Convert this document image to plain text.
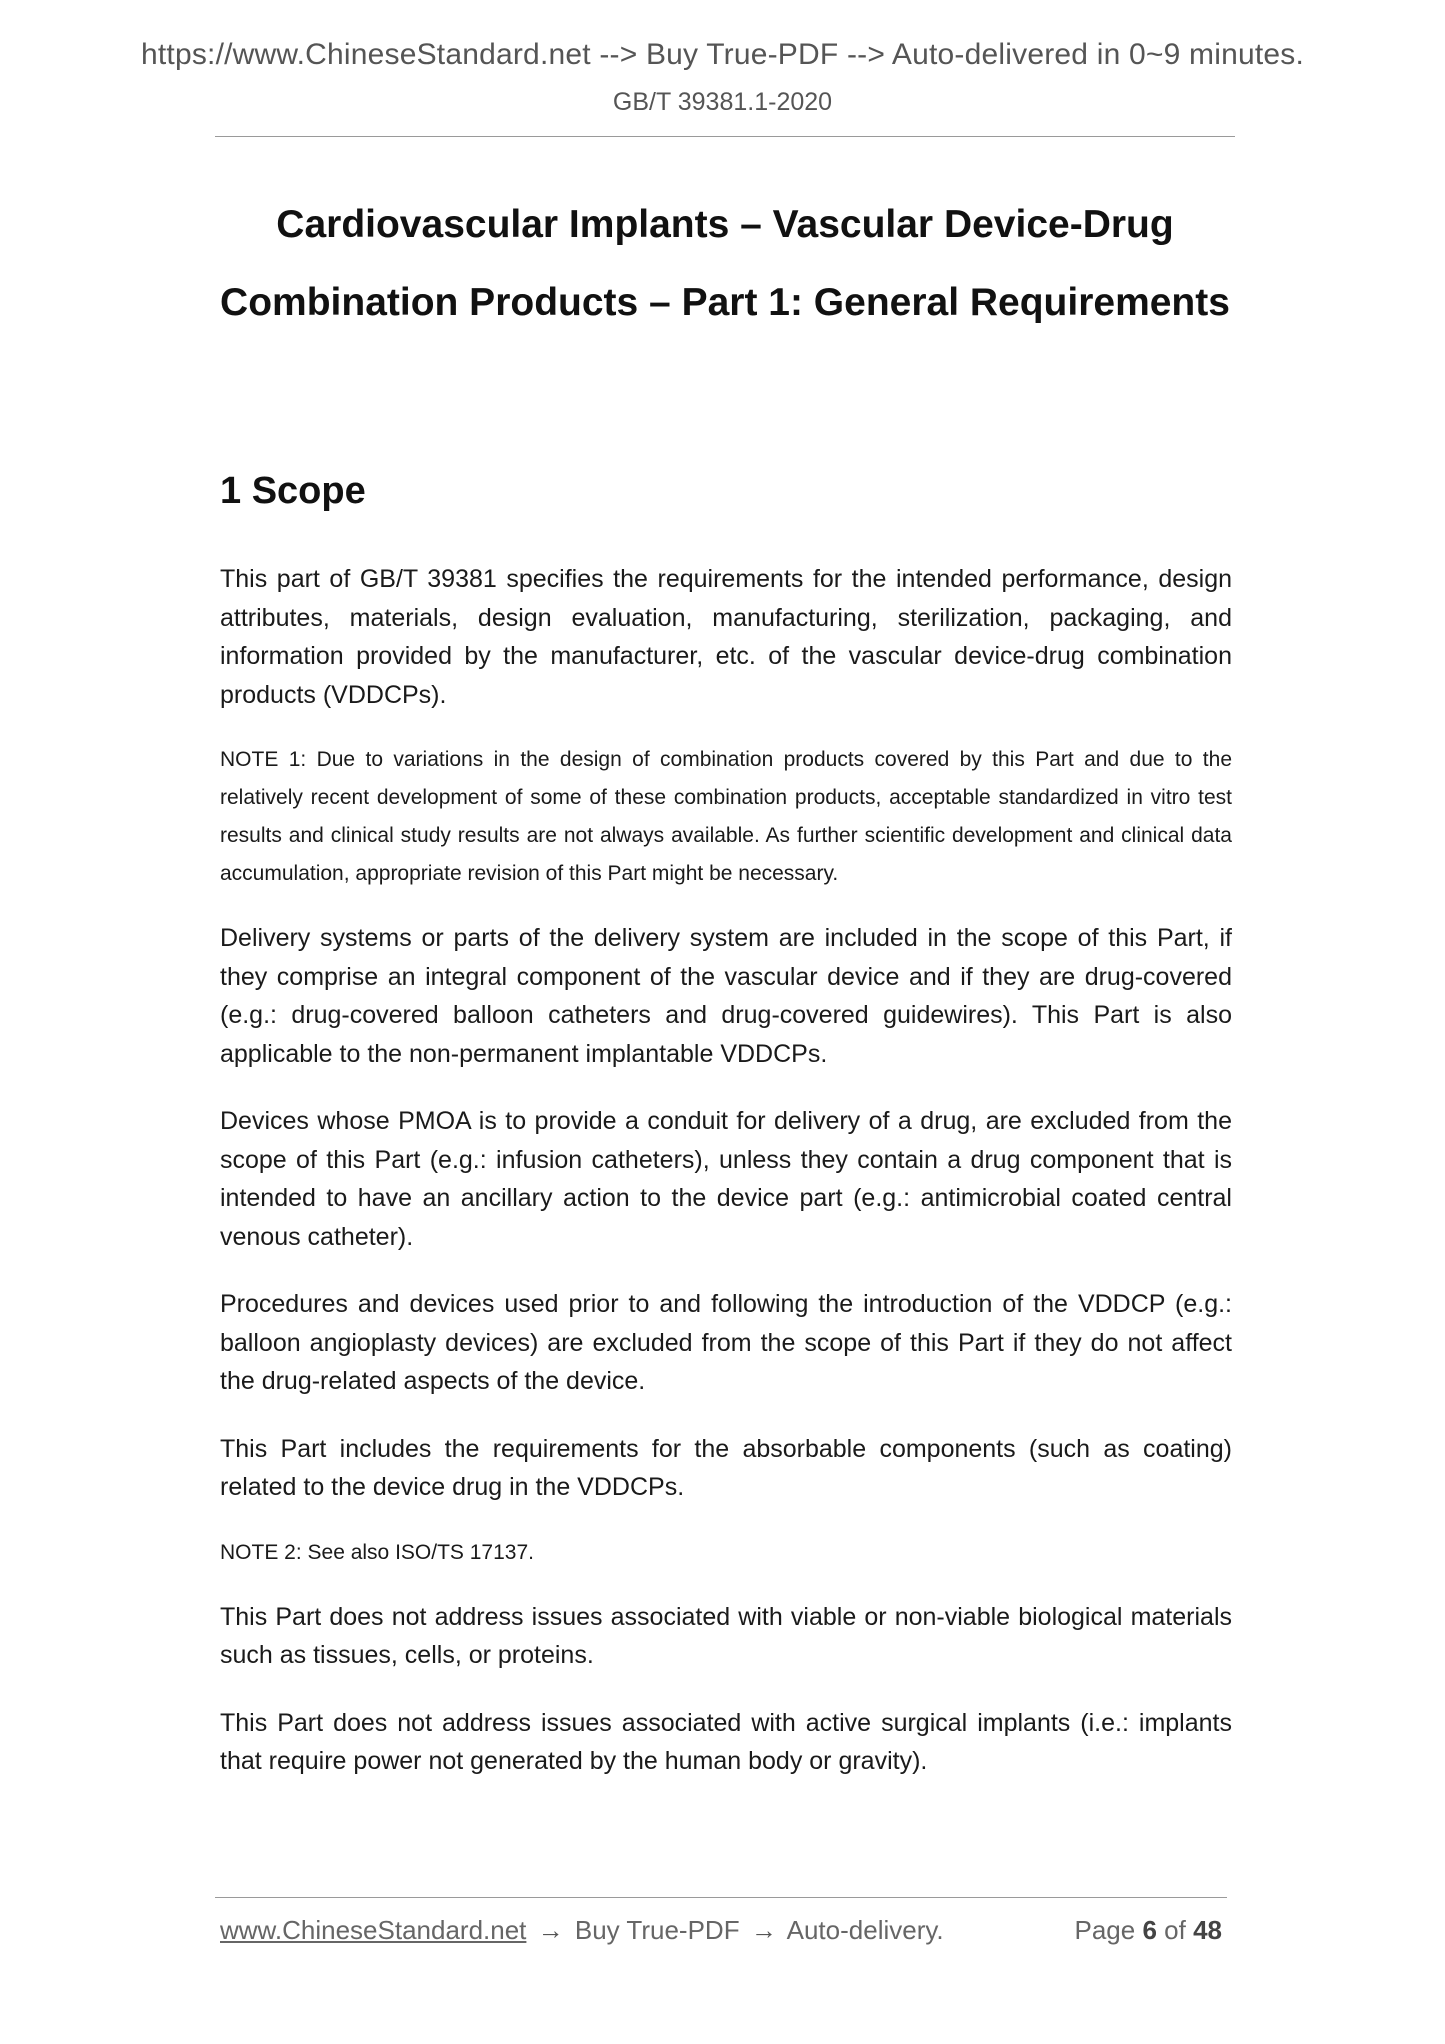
https://www.ChineseStandard.net --> Buy True-PDF --> Auto-delivered in 0~9 minutes.
GB/T 39381.1-2020
Cardiovascular Implants – Vascular Device-Drug
Combination Products – Part 1: General Requirements
1 Scope

This part of GB/T 39381 specifies the requirements for the intended performance, design attributes, materials, design evaluation, manufacturing, sterilization, packaging, and information provided by the manufacturer, etc. of the vascular device-drug combination products (VDDCPs).

NOTE 1: Due to variations in the design of combination products covered by this Part and due to the relatively recent development of some of these combination products, acceptable standardized in vitro test results and clinical study results are not always available. As further scientific development and clinical data accumulation, appropriate revision of this Part might be necessary.

Delivery systems or parts of the delivery system are included in the scope of this Part, if they comprise an integral component of the vascular device and if they are drug-covered (e.g.: drug-covered balloon catheters and drug-covered guidewires). This Part is also applicable to the non-permanent implantable VDDCPs.

Devices whose PMOA is to provide a conduit for delivery of a drug, are excluded from the scope of this Part (e.g.: infusion catheters), unless they contain a drug component that is intended to have an ancillary action to the device part (e.g.: antimicrobial coated central venous catheter).

Procedures and devices used prior to and following the introduction of the VDDCP (e.g.: balloon angioplasty devices) are excluded from the scope of this Part if they do not affect the drug-related aspects of the device.

This Part includes the requirements for the absorbable components (such as coating) related to the device drug in the VDDCPs.

NOTE 2: See also ISO/TS 17137.

This Part does not address issues associated with viable or non-viable biological materials such as tissues, cells, or proteins.

This Part does not address issues associated with active surgical implants (i.e.: implants that require power not generated by the human body or gravity).

www.ChineseStandard.net → Buy True-PDF → Auto-delivery.	Page 6 of 48
